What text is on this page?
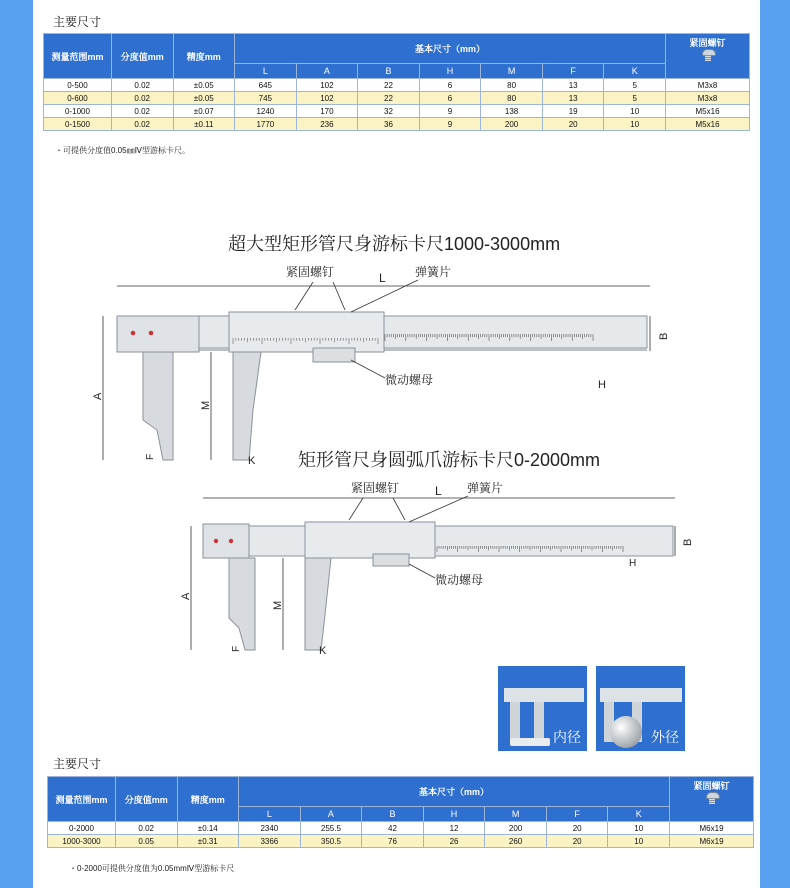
主要尺寸
测量范围mm	分度值mm	精度mm	基本尺寸（mm）							紧固螺钉

			L	A	B	H	M	F	K	
0-500	0.02	±0.05	645	102	22	6	80	13	5	M3x8
0-600	0.02	±0.05	745	102	22	6	80	13	5	M3x8
0-1000	0.02	±0.07	1240	170	32	9	138	19	10	M5x16
0-1500	0.02	±0.11	1770	236	36	9	200	20	10	M5x16
・可提供分度值0.05㎜Ⅳ型游标卡尺。
超大型矩形管尺身游标卡尺1000-3000mm
L
B
H
A
M
F	K
紧固螺钉	弹簧片
微动螺母
矩形管尺身圆弧爪游标卡尺0-2000mm
L
B
H
A
M
F	K
紧固螺钉	弹簧片
微动螺母
内径	外径
主要尺寸
测量范围mm	分度值mm	精度mm	基本尺寸（mm）							紧固螺钉

			L	A	B	H	M	F	K	
0-2000	0.02	±0.14	2340	255.5	42	12	200	20	10	M6x19
1000-3000	0.05	±0.31	3366	350.5	76	26	260	20	10	M6x19
・0-2000可提供分度值为0.05mmⅣ型游标卡尺
